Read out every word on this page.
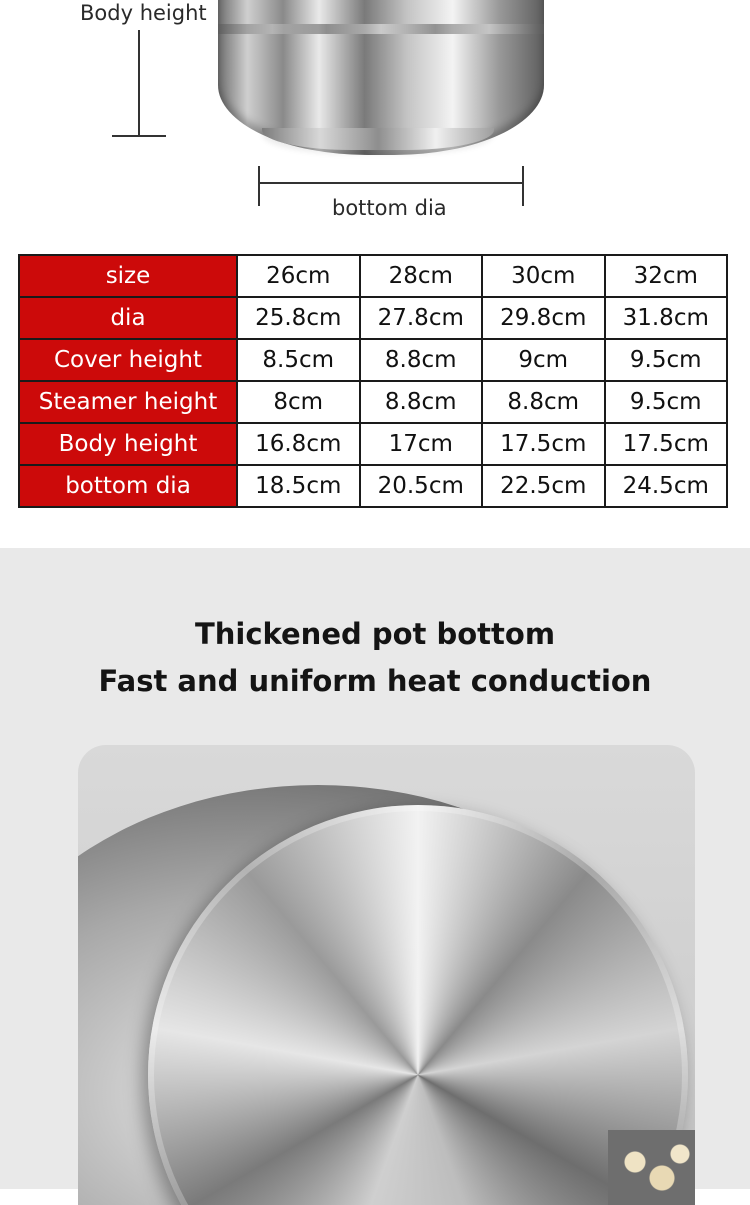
Body height
bottom dia
size	26cm	28cm	30cm	32cm
dia	25.8cm	27.8cm	29.8cm	31.8cm
Cover height	8.5cm	8.8cm	9cm	9.5cm
Steamer height	8cm	8.8cm	8.8cm	9.5cm
Body height	16.8cm	17cm	17.5cm	17.5cm
bottom dia	18.5cm	20.5cm	22.5cm	24.5cm
Thickened pot bottom
Fast and uniform heat conduction
